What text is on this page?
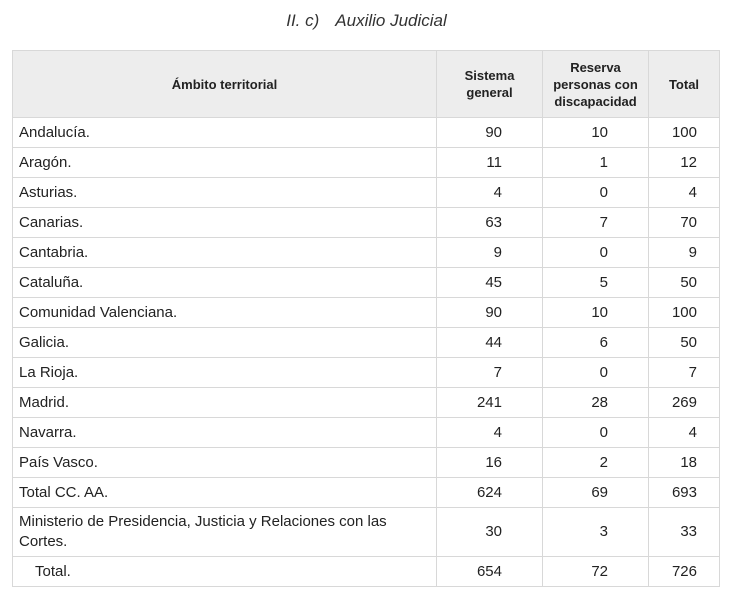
II. c) Auxilio Judicial
Ámbito territorial	Sistema general	Reserva personas con discapacidad	Total
Andalucía.	90	10	100
Aragón.	11	1	12
Asturias.	4	0	4
Canarias.	63	7	70
Cantabria.	9	0	9
Cataluña.	45	5	50
Comunidad Valenciana.	90	10	100
Galicia.	44	6	50
La Rioja.	7	0	7
Madrid.	241	28	269
Navarra.	4	0	4
País Vasco.	16	2	18
Total CC. AA.	624	69	693
Ministerio de Presidencia, Justicia y Relaciones con las Cortes.	30	3	33
Total.	654	72	726
